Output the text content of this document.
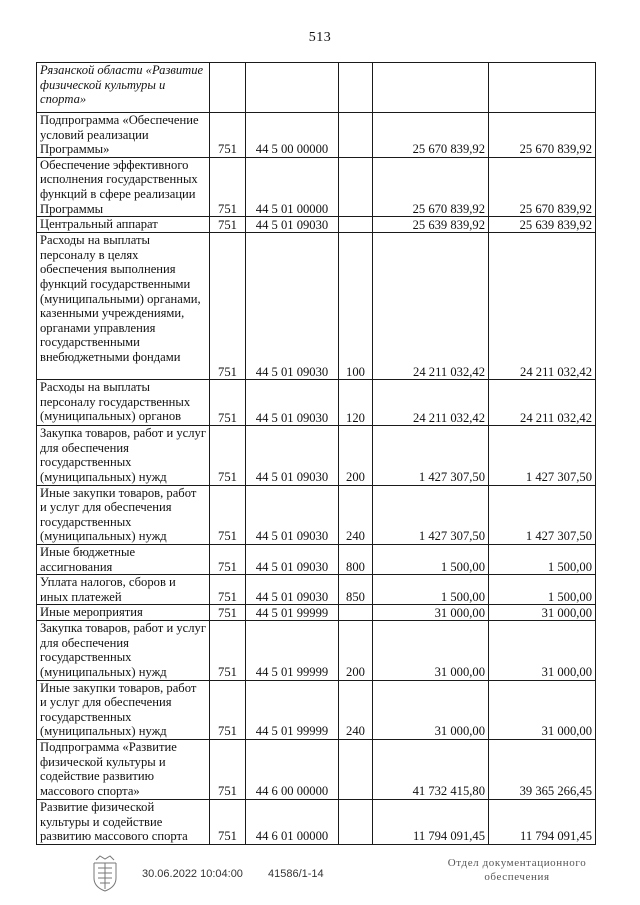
513
Рязанской области «Развитие физической культуры и спорта»					
Подпрограмма «Обеспечение условий реализации Программы»	751	44 5 00 00000		25 670 839,92	25 670 839,92
Обеспечение эффективного исполнения государственных функций в сфере реализации Программы	751	44 5 01 00000		25 670 839,92	25 670 839,92
Центральный аппарат	751	44 5 01 09030		25 639 839,92	25 639 839,92
Расходы на выплаты персоналу в целях обеспечения выполнения функций государственными (муниципальными) органами, казенными учреждениями, органами управления государственными внебюджетными фондами	751	44 5 01 09030	100	24 211 032,42	24 211 032,42
Расходы на выплаты персоналу государственных (муниципальных) органов	751	44 5 01 09030	120	24 211 032,42	24 211 032,42
Закупка товаров, работ и услуг для обеспечения государственных (муниципальных) нужд	751	44 5 01 09030	200	1 427 307,50	1 427 307,50
Иные закупки товаров, работ и услуг для обеспечения государственных (муниципальных) нужд	751	44 5 01 09030	240	1 427 307,50	1 427 307,50
Иные бюджетные ассигнования	751	44 5 01 09030	800	1 500,00	1 500,00
Уплата налогов, сборов и иных платежей	751	44 5 01 09030	850	1 500,00	1 500,00
Иные мероприятия	751	44 5 01 99999		31 000,00	31 000,00
Закупка товаров, работ и услуг для обеспечения государственных (муниципальных) нужд	751	44 5 01 99999	200	31 000,00	31 000,00
Иные закупки товаров, работ и услуг для обеспечения государственных (муниципальных) нужд	751	44 5 01 99999	240	31 000,00	31 000,00
Подпрограмма «Развитие физической культуры и содействие развитию массового спорта»	751	44 6 00 00000		41 732 415,80	39 365 266,45
Развитие физической культуры и содействие развитию массового спорта	751	44 6 01 00000		11 794 091,45	11 794 091,45
30.06.2022 10:04:00 41586/1-14
Отдел документационного
обеспечения
